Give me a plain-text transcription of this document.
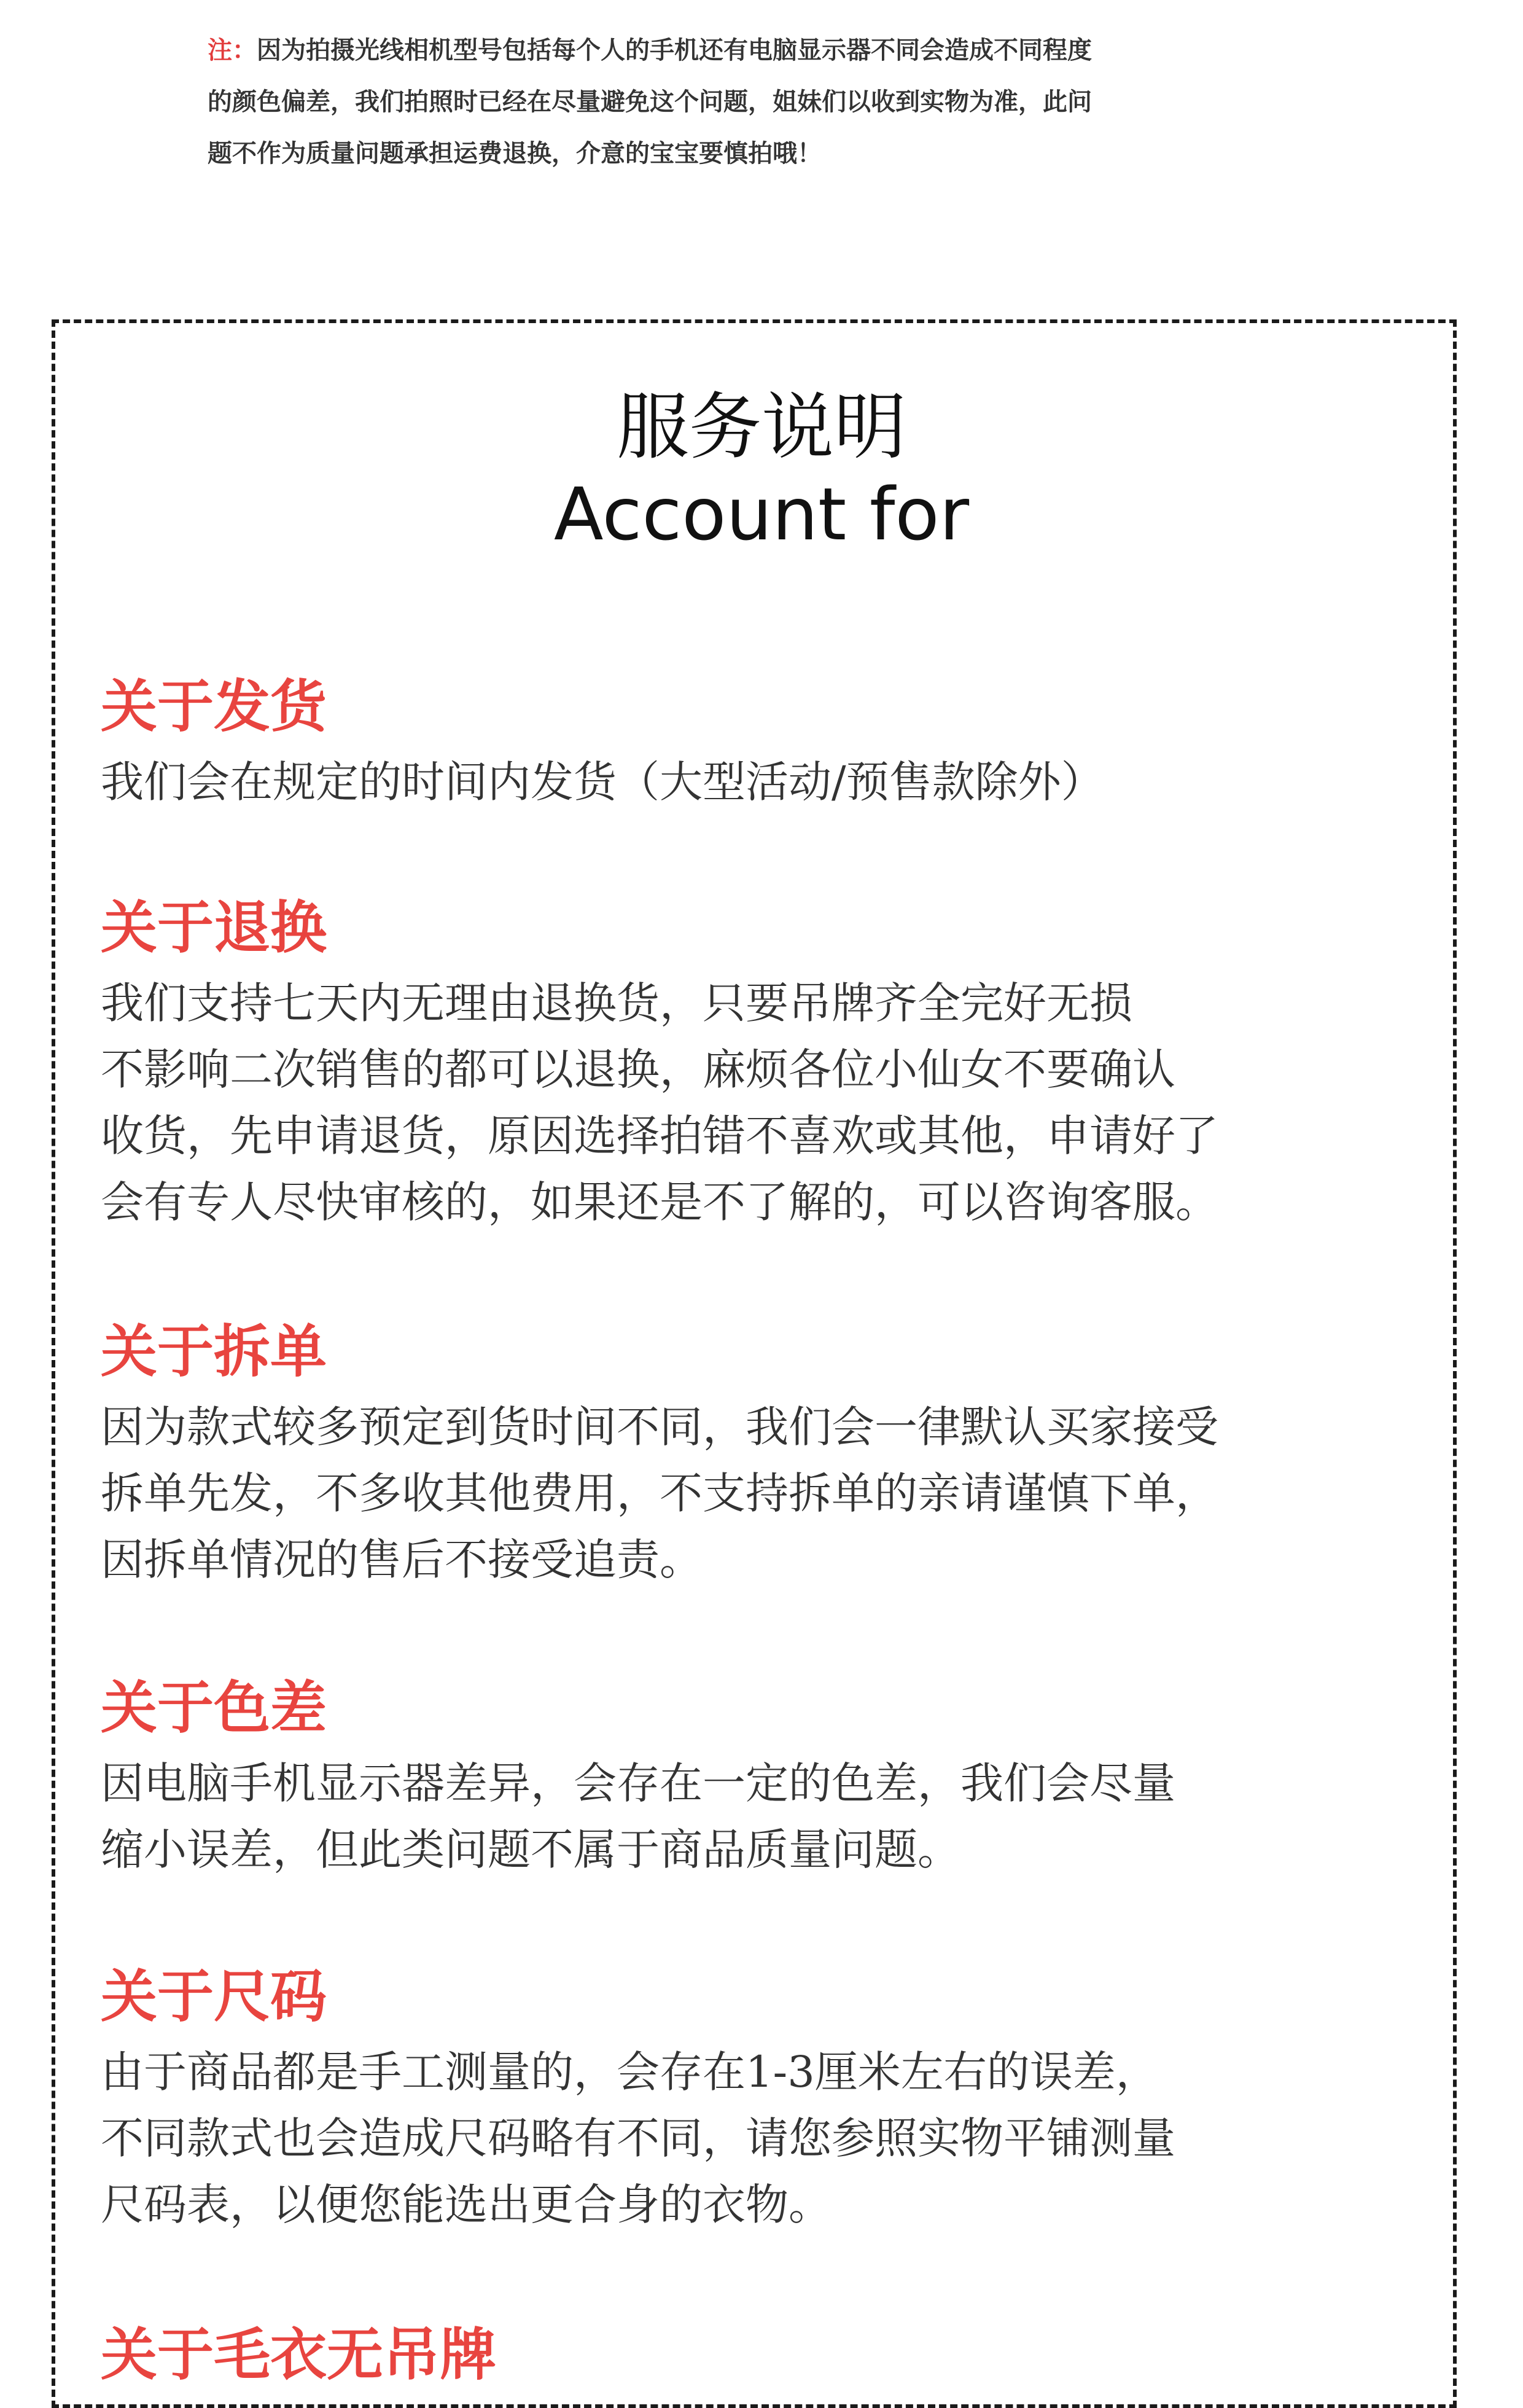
注：因为拍摄光线相机型号包括每个人的手机还有电脑显示器不同会造成不同程度
的颜色偏差，我们拍照时已经在尽量避免这个问题，姐妹们以收到实物为准，此问
题不作为质量问题承担运费退换，介意的宝宝要慎拍哦！
服务说明
Account for
关于发货
我们会在规定的时间内发货（大型活动/预售款除外）
关于退换
我们支持七天内无理由退换货，只要吊牌齐全完好无损
不影响二次销售的都可以退换，麻烦各位小仙女不要确认
收货，先申请退货，原因选择拍错不喜欢或其他，申请好了
会有专人尽快审核的，如果还是不了解的，可以咨询客服。
关于拆单
因为款式较多预定到货时间不同，我们会一律默认买家接受
拆单先发，不多收其他费用，不支持拆单的亲请谨慎下单，
因拆单情况的售后不接受追责。
关于色差
因电脑手机显示器差异，会存在一定的色差，我们会尽量
缩小误差，但此类问题不属于商品质量问题。
关于尺码
由于商品都是手工测量的，会存在1-3厘米左右的误差，
不同款式也会造成尺码略有不同，请您参照实物平铺测量
尺码表，以便您能选出更合身的衣物。
关于毛衣无吊牌
